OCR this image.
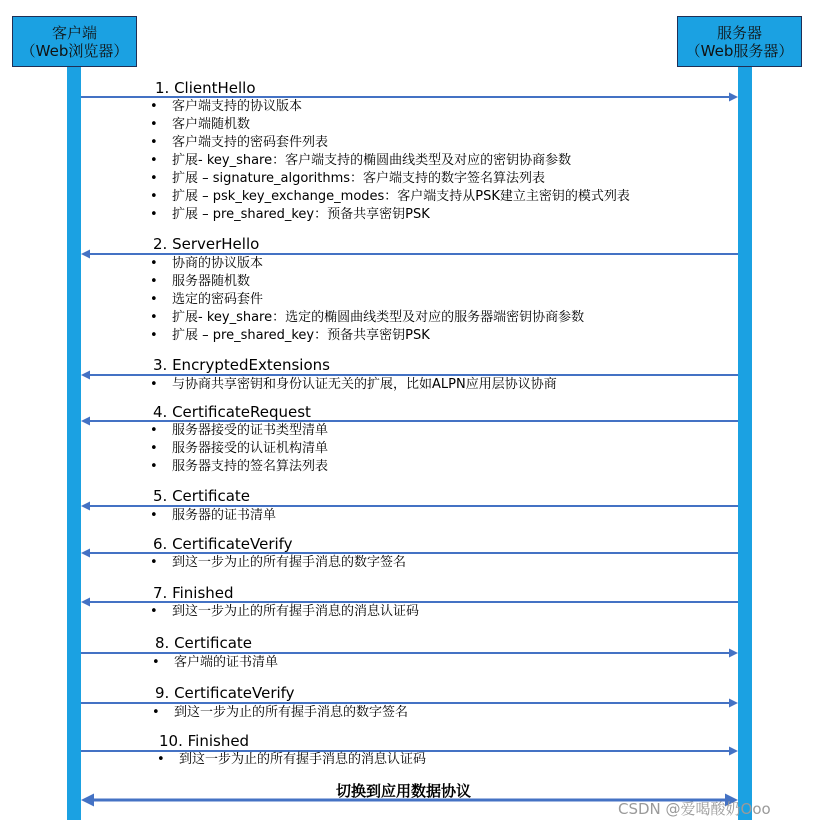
客户端
（Web浏览器）
服务器
（Web服务器）
1. ClientHello
• 客户端支持的协议版本
• 客户端随机数
• 客户端支持的密码套件列表
• 扩展- key_share：客户端支持的椭圆曲线类型及对应的密钥协商参数
• 扩展 – signature_algorithms：客户端支持的数字签名算法列表
• 扩展 – psk_key_exchange_modes：客户端支持从PSK建立主密钥的模式列表
• 扩展 – pre_shared_key：预备共享密钥PSK
2. ServerHello
• 协商的协议版本
• 服务器随机数
• 选定的密码套件
• 扩展- key_share：选定的椭圆曲线类型及对应的服务器端密钥协商参数
• 扩展 – pre_shared_key：预备共享密钥PSK
3. EncryptedExtensions
• 与协商共享密钥和身份认证无关的扩展，比如ALPN应用层协议协商
4. CertificateRequest
• 服务器接受的证书类型清单
• 服务器接受的认证机构清单
• 服务器支持的签名算法列表
5. Certificate
• 服务器的证书清单
6. CertificateVerify
• 到这一步为止的所有握手消息的数字签名
7. Finished
• 到这一步为止的所有握手消息的消息认证码
8. Certificate
• 客户端的证书清单
9. CertificateVerify
• 到这一步为止的所有握手消息的数字签名
10. Finished
• 到这一步为止的所有握手消息的消息认证码
切换到应用数据协议
CSDN @爱喝酸奶Ooo
